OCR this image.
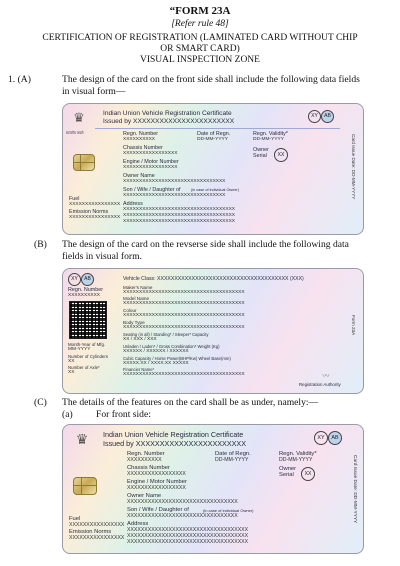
“FORM 23A
[Refer rule 48]
CERTIFICATION OF REGISTRATION (LAMINATED CARD WITHOUT CHIP
OR SMART CARD)
VISUAL INSPECTION ZONE
1. (A)	The design of the card on the front side shall include the following data fields
in visual form—
♛
सत्यमेव जयते
Indian Union Vehicle Registration Certificate
Issued by XXXXXXXXXXXXXXXXXXXXXXX
XY	AB
Regn. Number
XXXXXXXXXX
Date of Regn.
DD-MM-YYYY
Regn. Validity*
DD-MM-YYYY
Chassis Number
XXXXXXXXXXXXXXXXX
Owner
Serial	XX
Engine / Motor Number
XXXXXXXXXXXXXXXXX
Owner Name
XXXXXXXXXXXXXXXXXXXXXXXXXXXXXXXX
Son / Wife / Daughter of	(in case of individual Owner)
XXXXXXXXXXXXXXXXXXXXXXXXXXXXXXXX
Fuel
XXXXXXXXXXXXXXXX Address
XXXXXXXXXXXXXXXXXXXXXXXXXXXXXXXXXXX
Emission Norms
XXXXXXXXXXXXXXXX XXXXXXXXXXXXXXXXXXXXXXXXXXXXXXXXXXX
XXXXXXXXXXXXXXXXXXXXXXXXXXXXXXXXXXX
Card Issue Date: DD-MM-YYYY
(B) The design of the card on the revserse side shall include the following data
fields in visual form.
XY	AB	Vehicle Class: XXXXXXXXXXXXXXXXXXXXXXXXXXXXXXXXXXXXXX (XXX)
Regn. Number
XXXXXXXXXX
Maker's Name
XXXXXXXXXXXXXXXXXXXXXXXXXXXXXXXXXXXXXX
Model Name
XXXXXXXXXXXXXXXXXXXXXXXXXXXXXXXXXXXXXX
Colour
XXXXXXXXXXXXXXXXXXXXXXXXXXXXXXXXXXXXXX
Body Type
XXXXXXXXXXXXXXXXXXXXXXXXXXXXXXXXXXXXXX
Seating (in all) / Standing* / Sleeper* Capacity
XX / XXX / XXX
Month-Year of Mfg.
MM-YYYY
Unladen / Laden* / Gross Combination* Weight (Kg)
XXXXXX / XXXXXX / XXXXXX
Number of Cylinders
XX
Cubic Capacity / Horse Power(BHP/Kw) Wheel Base(mm)
XXXXX.XX / XXXX.XX XXXXX
Number of Axle*
XX
Financier Name*
XXXXXXXXXXXXXXXXXXXXXXXXXXXXXXXXXXXXXX	〰
Registration Authority
Form 23A
(C) The details of the features on the card shall be as under, namely:—
(a) For front side:
♛	Indian Union Vehicle Registration Certificate
Issued by XXXXXXXXXXXXXXXXXXXXXXX
XY	AB
Regn. Number
XXXXXXXXXX
Date of Regn.
DD-MM-YYYY
Regn. Validity*
DD-MM-YYYY
Chassis Number
XXXXXXXXXXXXXXXXX
Owner
Serial	XX
Engine / Motor Number
XXXXXXXXXXXXXXXXX
Owner Name
XXXXXXXXXXXXXXXXXXXXXXXXXXXXXXXX
Son / Wife / Daughter of	(in case of individual Owner)
XXXXXXXXXXXXXXXXXXXXXXXXXXXXXXXX
Fuel
XXXXXXXXXXXXXXXX Address
XXXXXXXXXXXXXXXXXXXXXXXXXXXXXXXXXXX
Emission Norms
XXXXXXXXXXXXXXXX XXXXXXXXXXXXXXXXXXXXXXXXXXXXXXXXXXX
XXXXXXXXXXXXXXXXXXXXXXXXXXXXXXXXXXX
Card Issue Date: DD-MM-YYYY
